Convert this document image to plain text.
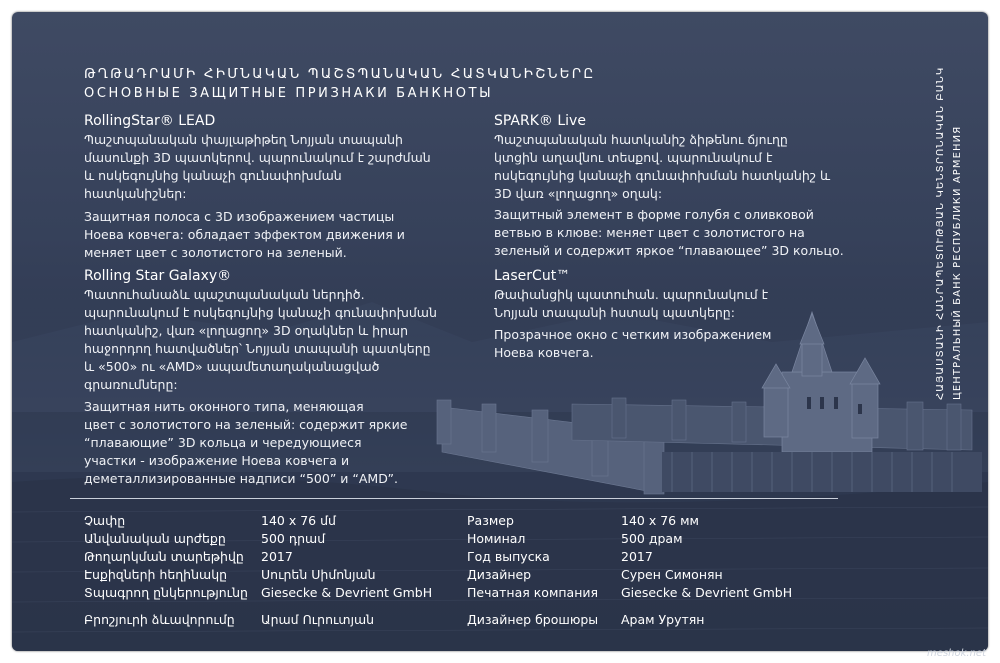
ԹՂԹԱԴՐԱՄԻ ՀԻՄՆԱԿԱՆ ՊԱՇՏՊԱՆԱԿԱՆ ՀԱՏԿԱՆԻՇՆԵՐԸ
ОСНОВНЫЕ ЗАЩИТНЫЕ ПРИЗНАКИ БАНКНОТЫ
RollingStar® LEAD
Պաշտպանական փայլաթիթեղ Նոյյան տապանի
մասունքի 3D պատկերով. պարունակում է շարժման
և ոսկեգույնից կանաչի գունափոխման
հատկանիշներ:
Защитная полоса с 3D изображением частицы
Ноева ковчега: обладает эффектом движения и
меняет цвет с золотистого на зеленый.
Rolling Star Galaxy®
Պատուհանաձև պաշտպանական ներդիծ.
պարունակում է ոսկեգույնից կանաչի գունափոխման
հատկանիշ, վառ «լողացող» 3D օղակներ և իրար
հաջորդող հատվածներ՝ Նոյյան տապանի պատկերը
և «500» ու «AMD» ապամետաղականացված
գրառումները:
Защитная нить оконного типа, меняющая
цвет с золотистого на зеленый: содержит яркие
“плавающие” 3D кольца и чередующиеся
участки - изображение Ноева ковчега и
деметаллизированные надписи “500” и “AMD”.
SPARK® Live
Պաշտպանական հատկանիշ ձիթենու ճյուղը
կտցին աղավնու տեսքով. պարունակում է
ոսկեգույնից կանաչի գունափոխման հատկանիշ և
3D վառ «լողացող» օղակ:
Защитный элемент в форме голубя с оливковой
ветвью в клюве: меняет цвет с золотистого на
зеленый и содержит яркое “плавающее” 3D кольцо.
LaserCut™
Թափանցիկ պատուհան. պարունակում է
Նոյյան տապանի հստակ պատկերը:
Прозрачное окно с четким изображением
Ноева ковчега.	ՀԱՅԱՍՏԱՆԻ ՀԱՆՐԱՊԵՏՈՒԹՅԱՆ ԿԵՆՏՐՈՆԱԿԱՆ ԲԱՆԿ ЦЕНТРАЛЬНЫЙ БАНК РЕСПУБЛИКИ АРМЕНИЯ
Չափը
Անվանական արժեքը
Թողարկման տարեթիվը
Էսքիզների հեղինակը
Տպագրող ընկերությունը
Բրոշյուրի ձևավորումը
140 x 76 մմ
500 դրամ
2017
Սուրեն Սիմոնյան
Giesecke & Devrient GmbH
Արամ Ուրուտյան
Размер
Номинал
Год выпуска
Дизайнер
Печатная компания
Дизайнер брошюры
140 x 76 мм
500 драм
2017
Сурен Симонян
Giesecke & Devrient GmbH
Арам Урутян
meshok.net
